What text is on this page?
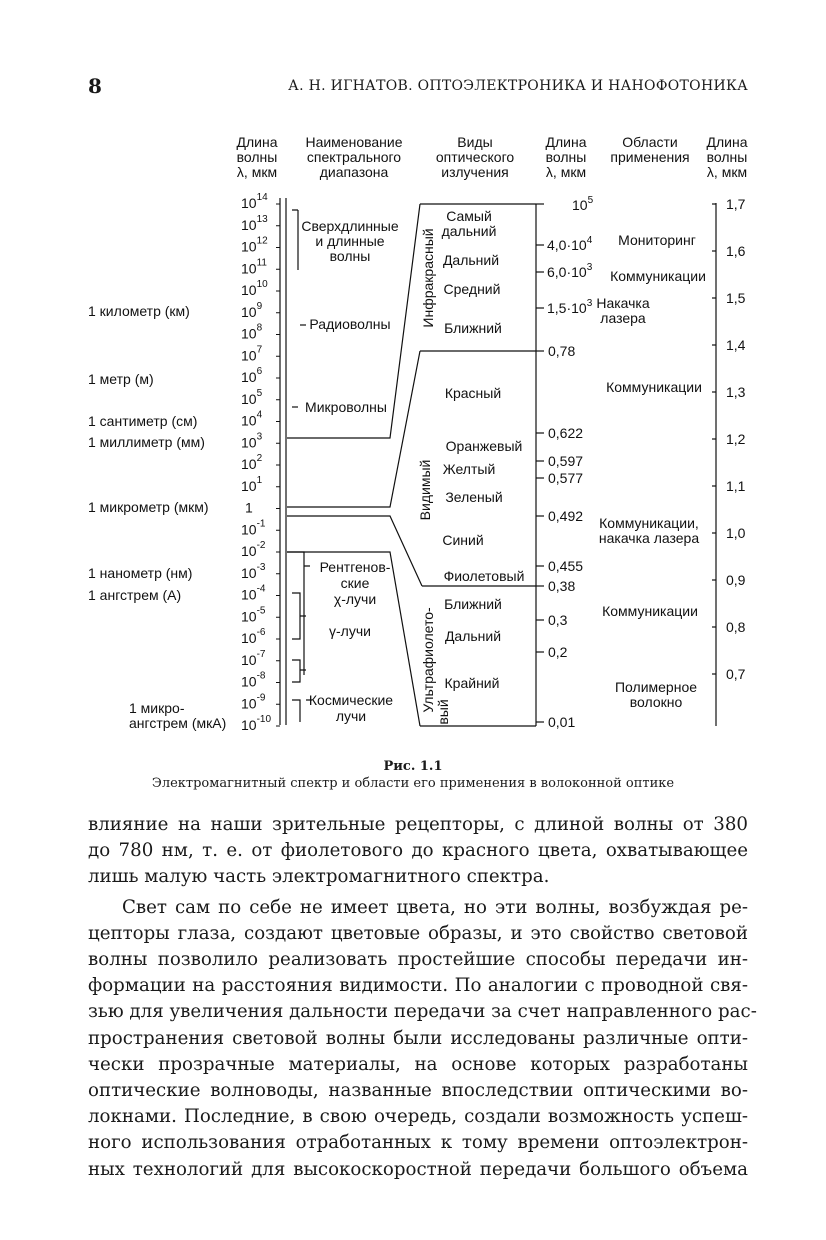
8	А. Н. ИГНАТОВ. ОПТОЭЛЕКТРОНИКА И НАНОФОТОНИКА
Длина
волны
λ, мкм
Наименование
спектрального
диапазона
Виды
оптического
излучения
Длина
волны
λ, мкм
Области
применения
Длина
волны
λ, мкм
1 километр (км)
1 метр (м)
1 сантиметр (см)
1 миллиметр (мм)
1 микрометр (мкм)
1 нанометр (нм)
1 ангстрем (А)
1 микро-
ангстрем (мкА)
$10^{14}$
$10^{13}$
$10^{12}$
$10^{11}$
$10^{10}$
$10^9$
$10^8$
$10^7$
$10^6$
$10^5$
$10^4$
$10^3$
$10^2$
$10^1$
1
$10^{-1}$
$10^{-2}$
$10^{-3}$
$10^{-4}$
$10^{-5}$
$10^{-6}$
$10^{-7}$
$10^{-8}$
$10^{-9}$
$10^{-10}$
Сверхдлинные
и длинные
волны
Радиоволны
Микроволны
Рентгенов-
ские
χ-лучи
γ-лучи
Космические
лучи
Инфракрасный
Видимый
Ультрафиолето- вый
Самый
дальний
Дальний
Средний
Ближний
Красный
Оранжевый
Желтый
Зеленый
Синий
Фиолетовый
Ближний
Дальний
Крайний
$10^5$
$4,0\cdot 10^4$
$6,0\cdot 10^3$
$1,5\cdot 10^3$
0,78
0,622
0,597
0,577
0,492
0,455
0,38
0,3
0,2
0,01
Мониторинг
Коммуникации
Накачка
лазера
Коммуникации
Коммуникации,
накачка лазера
Коммуникации
Полимерное
волокно
1,7
1,6
1,5
1,4
1,3
1,2
1,1
1,0
0,9
0,8
0,7
Рис. 1.1
Электромагнитный спектр и области его применения в волоконной оптике

влияние на наши зрительные рецепторы, с длиной волны от 380
до 780 нм, т. е. от фиолетового до красного цвета, охватывающее
лишь малую часть электромагнитного спектра.

Свет сам по себе не имеет цвета, но эти волны, возбуждая ре-
цепторы глаза, создают цветовые образы, и это свойство световой
волны позволило реализовать простейшие способы передачи ин-
формации на расстояния видимости. По аналогии с проводной свя-
зью для увеличения дальности передачи за счет направленного рас-
пространения световой волны были исследованы различные опти-
чески прозрачные материалы, на основе которых разработаны
оптические волноводы, названные впоследствии оптическими во-
локнами. Последние, в свою очередь, создали возможность успеш-
ного использования отработанных к тому времени оптоэлектрон-
ных технологий для высокоскоростной передачи большого объема
